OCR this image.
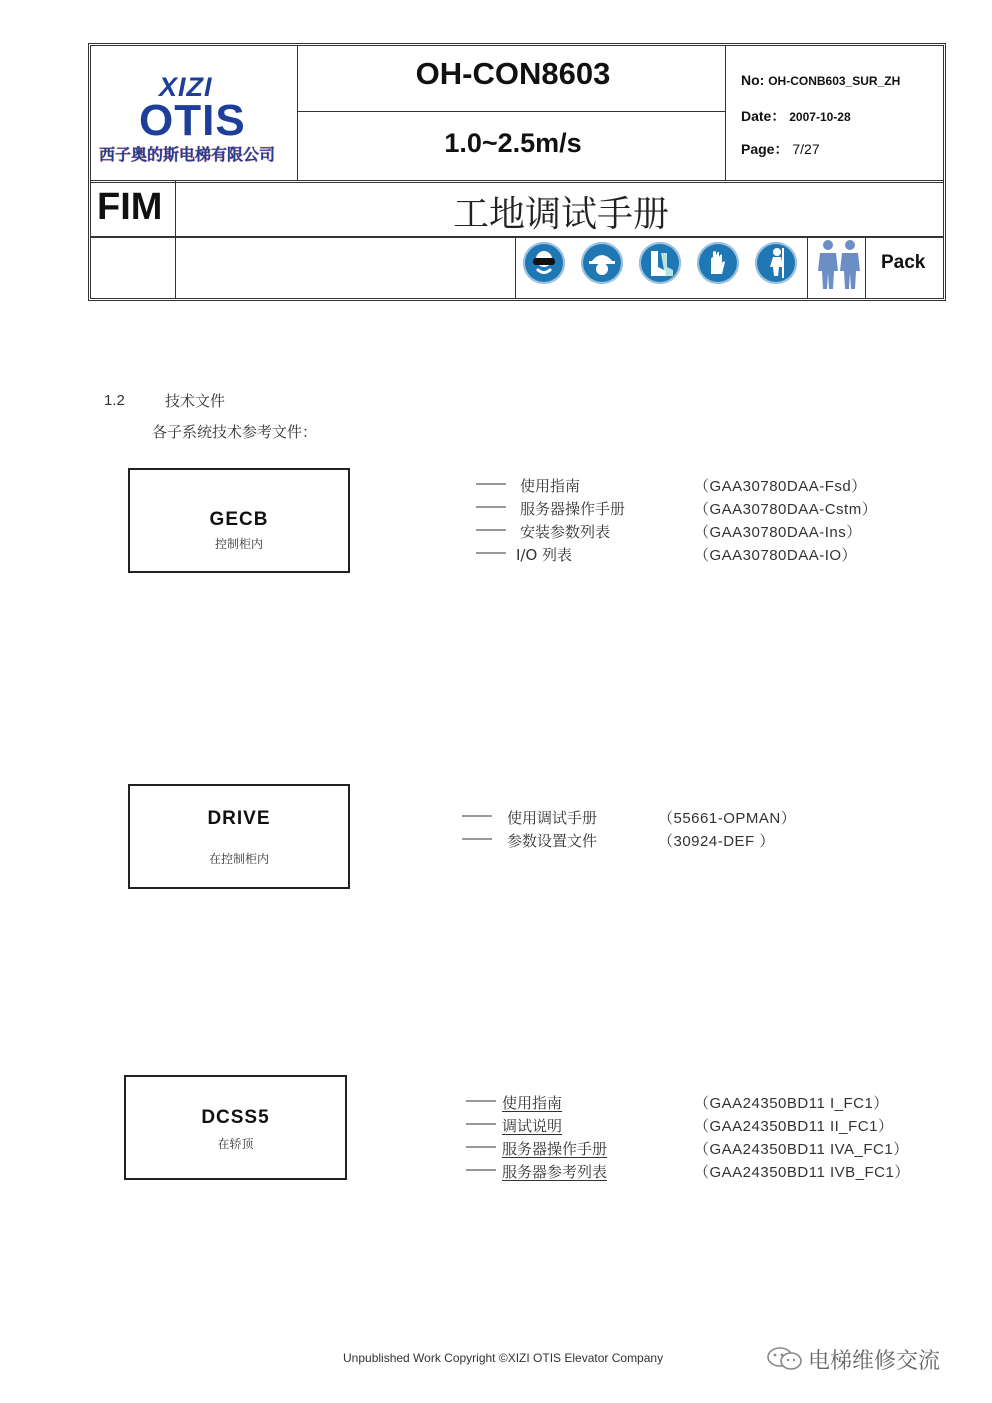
XIZI
OTIS
西子奥的斯电梯有限公司
OH-CON8603
1.0~2.5m/s
No: OH-CONB603_SUR_ZH
Date： 2007-10-28
Page： 7/27
FIM	工地调试手册
Pack
1.2	技术文件
各子系统技术参考文件：
GECB
控制柜内
—— 使用指南	（GAA30780DAA-Fsd）
—— 服务器操作手册	（GAA30780DAA-Cstm）
—— 安装参数列表	（GAA30780DAA-Ins）
—— I/O 列表	（GAA30780DAA-IO）
DRIVE
在控制柜内
—— 使用调试手册	（55661-OPMAN）
—— 参数设置文件	（30924-DEF ）
DCSS5
在轿顶
—— 使用指南	（GAA24350BD11 I_FC1）
—— 调试说明	（GAA24350BD11 II_FC1）
—— 服务器操作手册	（GAA24350BD11 IVA_FC1）
—— 服务器参考列表	（GAA24350BD11 IVB_FC1）
Unpublished Work Copyright ©XIZI OTIS Elevator Company	电梯维修交流
